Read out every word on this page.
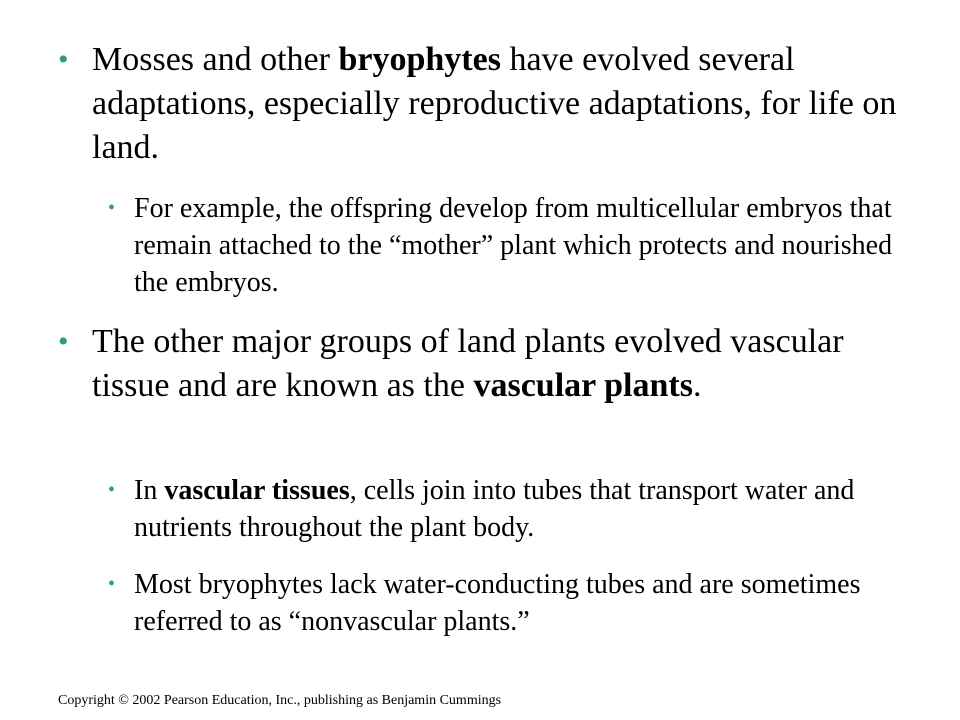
• Mosses and other bryophytes have evolved several adaptations, especially reproductive adaptations, for life on land.
• For example, the offspring develop from multicellular embryos that remain attached to the “mother” plant which protects and nourished the embryos.
• The other major groups of land plants evolved vascular tissue and are known as the vascular plants.
• In vascular tissues, cells join into tubes that transport water and nutrients throughout the plant body.
• Most bryophytes lack water-conducting tubes and are sometimes referred to as “nonvascular plants.”
Copyright © 2002 Pearson Education, Inc., publishing as Benjamin Cummings
